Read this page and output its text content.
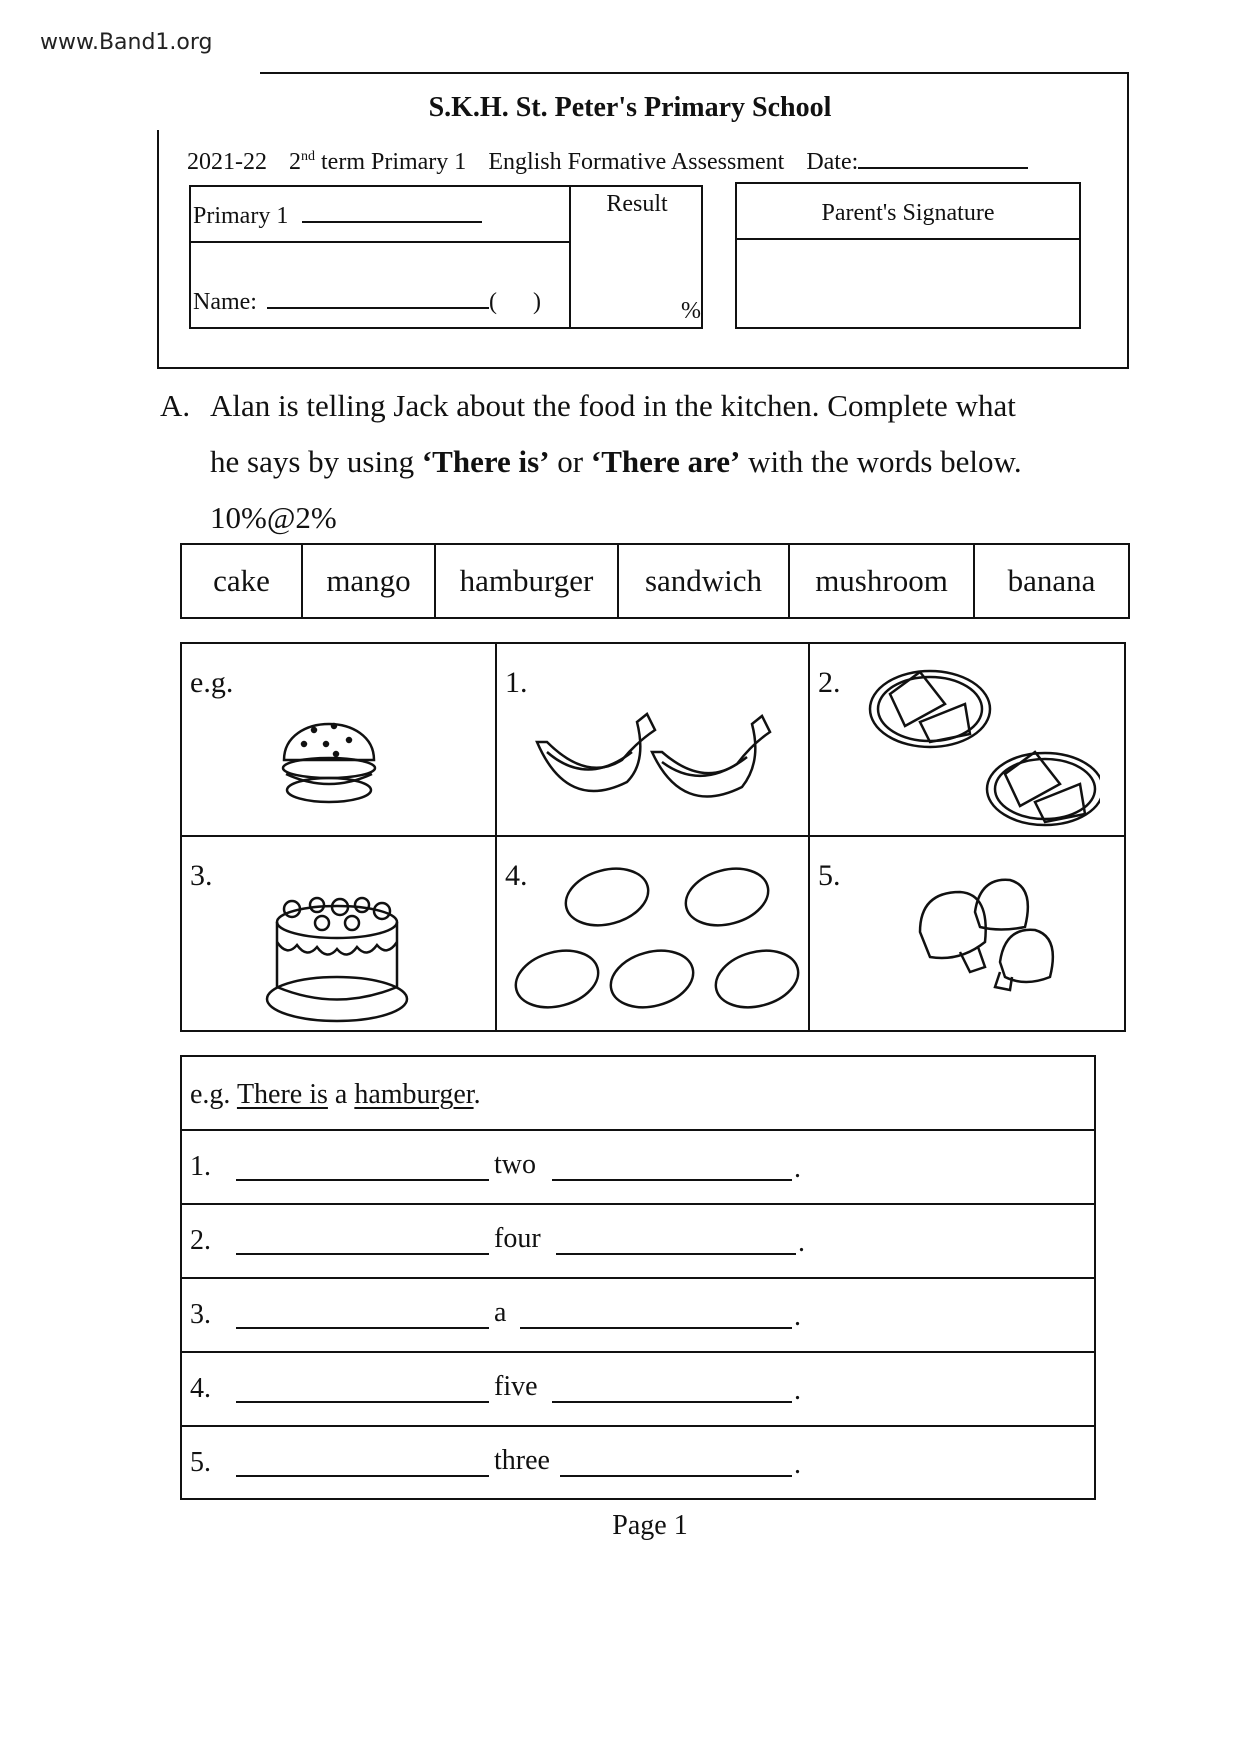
www.Band1.org
S.K.H. St. Peter's Primary School
2021-22 2nd term Primary 1 English Formative Assessment Date:
Primary 1
Name:	(      )
Result
%
Parent's Signature
A. Alan is telling Jack about the food in the kitchen. Complete what
he says by using ‘There is’ or ‘There are’ with the words below.
10%@2%
cake	mango	hamburger	sandwich	mushroom	banana
e.g.	1.	2.
3.	4.	5.
e.g. There is a hamburger.
1.	two	.
2.	four	.
3.	a	.
4.	five	.
5.	three	.
Page 1
